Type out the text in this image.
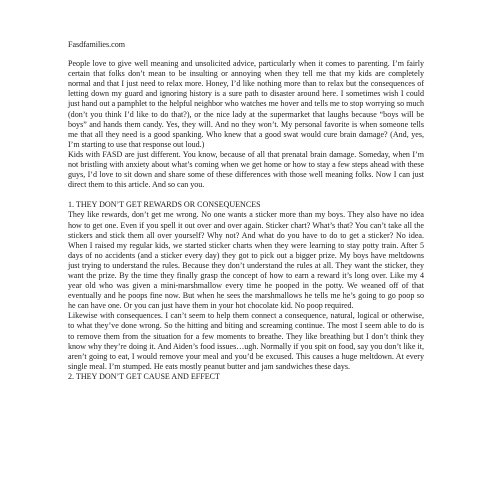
Fasdfamilies.com

People love to give well meaning and unsolicited advice, particularly when it comes to parenting. I’m fairly certain that folks don’t mean to be insulting or annoying when they tell me that my kids are completely normal and that I just need to relax more. Honey, I’d like nothing more than to relax but the consequences of letting down my guard and ignoring history is a sure path to disaster around here. I sometimes wish I could just hand out a pamphlet to the helpful neighbor who watches me hover and tells me to stop worrying so much (don’t you think I’d like to do that?), or the nice lady at the supermarket that laughs because “boys will be boys” and hands them candy. Yes, they will. And no they won’t. My personal favorite is when someone tells me that all they need is a good spanking. Who knew that a good swat would cure brain damage? (And, yes, I’m starting to use that response out loud.)

Kids with FASD are just different. You know, because of all that prenatal brain damage. Someday, when I’m not bristling with anxiety about what’s coming when we get home or how to stay a few steps ahead with these guys, I’d love to sit down and share some of these differences with those well meaning folks. Now I can just direct them to this article. And so can you.

1. THEY DON’T GET REWARDS OR CONSEQUENCES

They like rewards, don’t get me wrong. No one wants a sticker more than my boys. They also have no idea how to get one. Even if you spell it out over and over again. Sticker chart? What’s that? You can’t take all the stickers and stick them all over yourself? Why not? And what do you have to do to get a sticker? No idea. When I raised my regular kids, we started sticker charts when they were learning to stay potty train. After 5 days of no accidents (and a sticker every day) they got to pick out a bigger prize. My boys have meltdowns just trying to understand the rules. Because they don’t understand the rules at all. They want the sticker, they want the prize. By the time they finally grasp the concept of how to earn a reward it’s long over. Like my 4 year old who was given a mini-marshmallow every time he pooped in the potty. We weaned off of that eventually and he poops fine now. But when he sees the marshmallows he tells me he’s going to go poop so he can have one. Or you can just have them in your hot chocolate kid. No poop required.

Likewise with consequences. I can’t seem to help them connect a consequence, natural, logical or otherwise, to what they’ve done wrong. So the hitting and biting and screaming continue. The most I seem able to do is to remove them from the situation for a few moments to breathe. They like breathing but I don’t think they know why they’re doing it. And Aiden’s food issues…ugh. Normally if you spit on food, say you don’t like it, aren’t going to eat, I would remove your meal and you’d be excused. This causes a huge meltdown. At every single meal. I’m stumped. He eats mostly peanut butter and jam sandwiches these days.

2. THEY DON’T GET CAUSE AND EFFECT
